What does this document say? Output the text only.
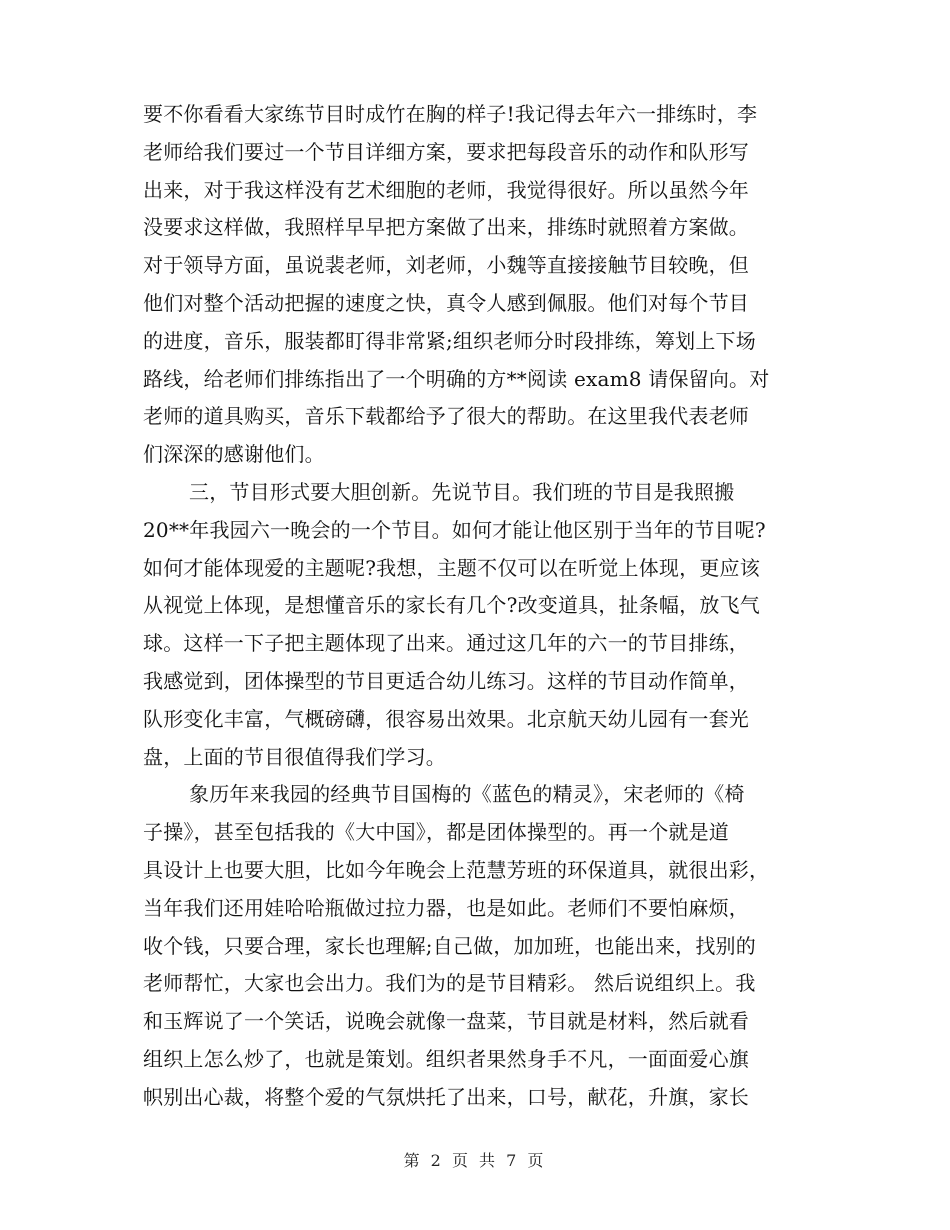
要不你看看大家练节目时成竹在胸的样子!我记得去年六一排练时，李
老师给我们要过一个节目详细方案，要求把每段音乐的动作和队形写
出来，对于我这样没有艺术细胞的老师，我觉得很好。所以虽然今年
没要求这样做，我照样早早把方案做了出来，排练时就照着方案做。
对于领导方面，虽说裴老师，刘老师，小魏等直接接触节目较晚，但
他们对整个活动把握的速度之快，真令人感到佩服。他们对每个节目
的进度，音乐，服装都盯得非常紧;组织老师分时段排练，筹划上下场
路线，给老师们排练指出了一个明确的方**阅读 exam8 请保留向。对
老师的道具购买，音乐下载都给予了很大的帮助。在这里我代表老师
们深深的感谢他们。
三，节目形式要大胆创新。先说节目。我们班的节目是我照搬
20**年我园六一晚会的一个节目。如何才能让他区别于当年的节目呢?
如何才能体现爱的主题呢?我想，主题不仅可以在听觉上体现，更应该
从视觉上体现，是想懂音乐的家长有几个?改变道具，扯条幅，放飞气
球。这样一下子把主题体现了出来。通过这几年的六一的节目排练，
我感觉到，团体操型的节目更适合幼儿练习。这样的节目动作简单，
队形变化丰富，气概磅礴，很容易出效果。北京航天幼儿园有一套光
盘，上面的节目很值得我们学习。
象历年来我园的经典节目国梅的《蓝色的精灵》，宋老师的《椅
子操》，甚至包括我的《大中国》，都是团体操型的。再一个就是道
具设计上也要大胆，比如今年晚会上范慧芳班的环保道具，就很出彩，
当年我们还用娃哈哈瓶做过拉力器，也是如此。老师们不要怕麻烦，
收个钱，只要合理，家长也理解;自己做，加加班，也能出来，找别的
老师帮忙，大家也会出力。我们为的是节目精彩。 然后说组织上。我
和玉辉说了一个笑话，说晚会就像一盘菜，节目就是材料，然后就看
组织上怎么炒了，也就是策划。组织者果然身手不凡，一面面爱心旗
帜别出心裁，将整个爱的气氛烘托了出来，口号，献花，升旗，家长
第 2 页 共 7 页
